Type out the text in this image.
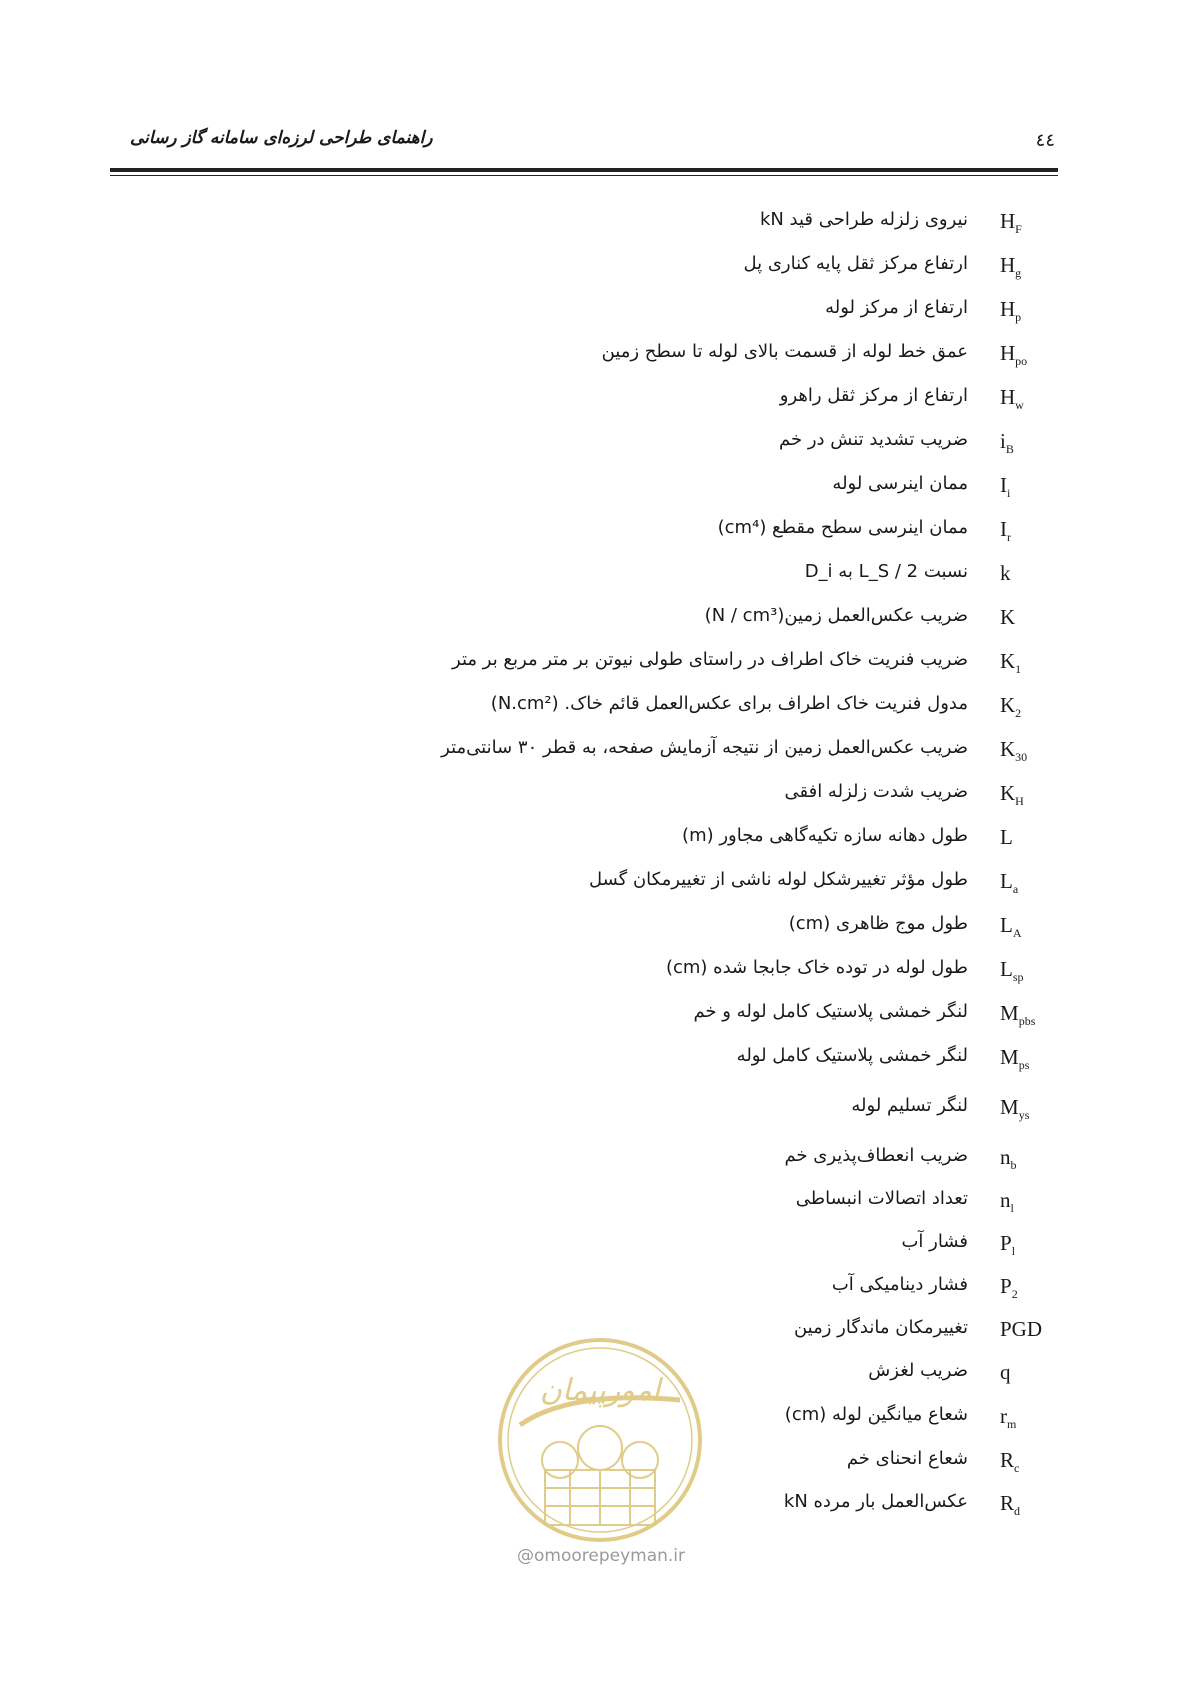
راهنمای طراحی لرزه‌ای سامانه گاز رسانی	٤٤
$H_F$
نیروی زلزله طراحی قید kN
$H_g$
ارتفاع مرکز ثقل پایه کناری پل
$H_p$
ارتفاع از مرکز لوله
$H_{po}$
عمق خط لوله از قسمت بالای لوله تا سطح زمین
$H_w$
ارتفاع از مرکز ثقل راهرو
$i_B$
ضریب تشدید تنش در خم
$I_i$
ممان اینرسی لوله
$I_r$
ممان اینرسی سطح مقطع (cm⁴)
k
نسبت L_S / 2 به D_i
K
ضریب عکس‌العمل زمین(N / cm³)
$K_1$
ضریب فنریت خاک اطراف در راستای طولی نیوتن بر متر مربع بر متر
$K_2$
مدول فنریت خاک اطراف برای عکس‌العمل قائم خاک. (N.cm²)
$K_{30}$
ضریب عکس‌العمل زمین از نتیجه آزمایش صفحه، به قطر ۳۰ سانتی‌متر
$K_H$
ضریب شدت زلزله افقی
L
طول دهانه سازه تکیه‌گاهی مجاور (m)
$L_a$
طول مؤثر تغییرشکل لوله ناشی از تغییرمکان گسل
$L_A$
طول موج ظاهری (cm)
$L_{sp}$
طول لوله در توده خاک جابجا شده (cm)
$M_{pbs}$
لنگر خمشی پلاستیک کامل لوله و خم
$M_{ps}$
لنگر خمشی پلاستیک کامل لوله
$M_{ys}$
لنگر تسلیم لوله
$n_b$
ضریب انعطاف‌پذیری خم
$n_l$
تعداد اتصالات انبساطی
$P_l$
فشار آب
$P_2$
فشار دینامیکی آب
PGD
تغییرمکان ماندگار زمین
q
ضریب لغزش
$r_m$
شعاع میانگین لوله (cm)
$R_c$
شعاع انحنای خم
$R_d$
عکس‌العمل بار مرده kN
امورپیمان
@omoorepeyman.ir
